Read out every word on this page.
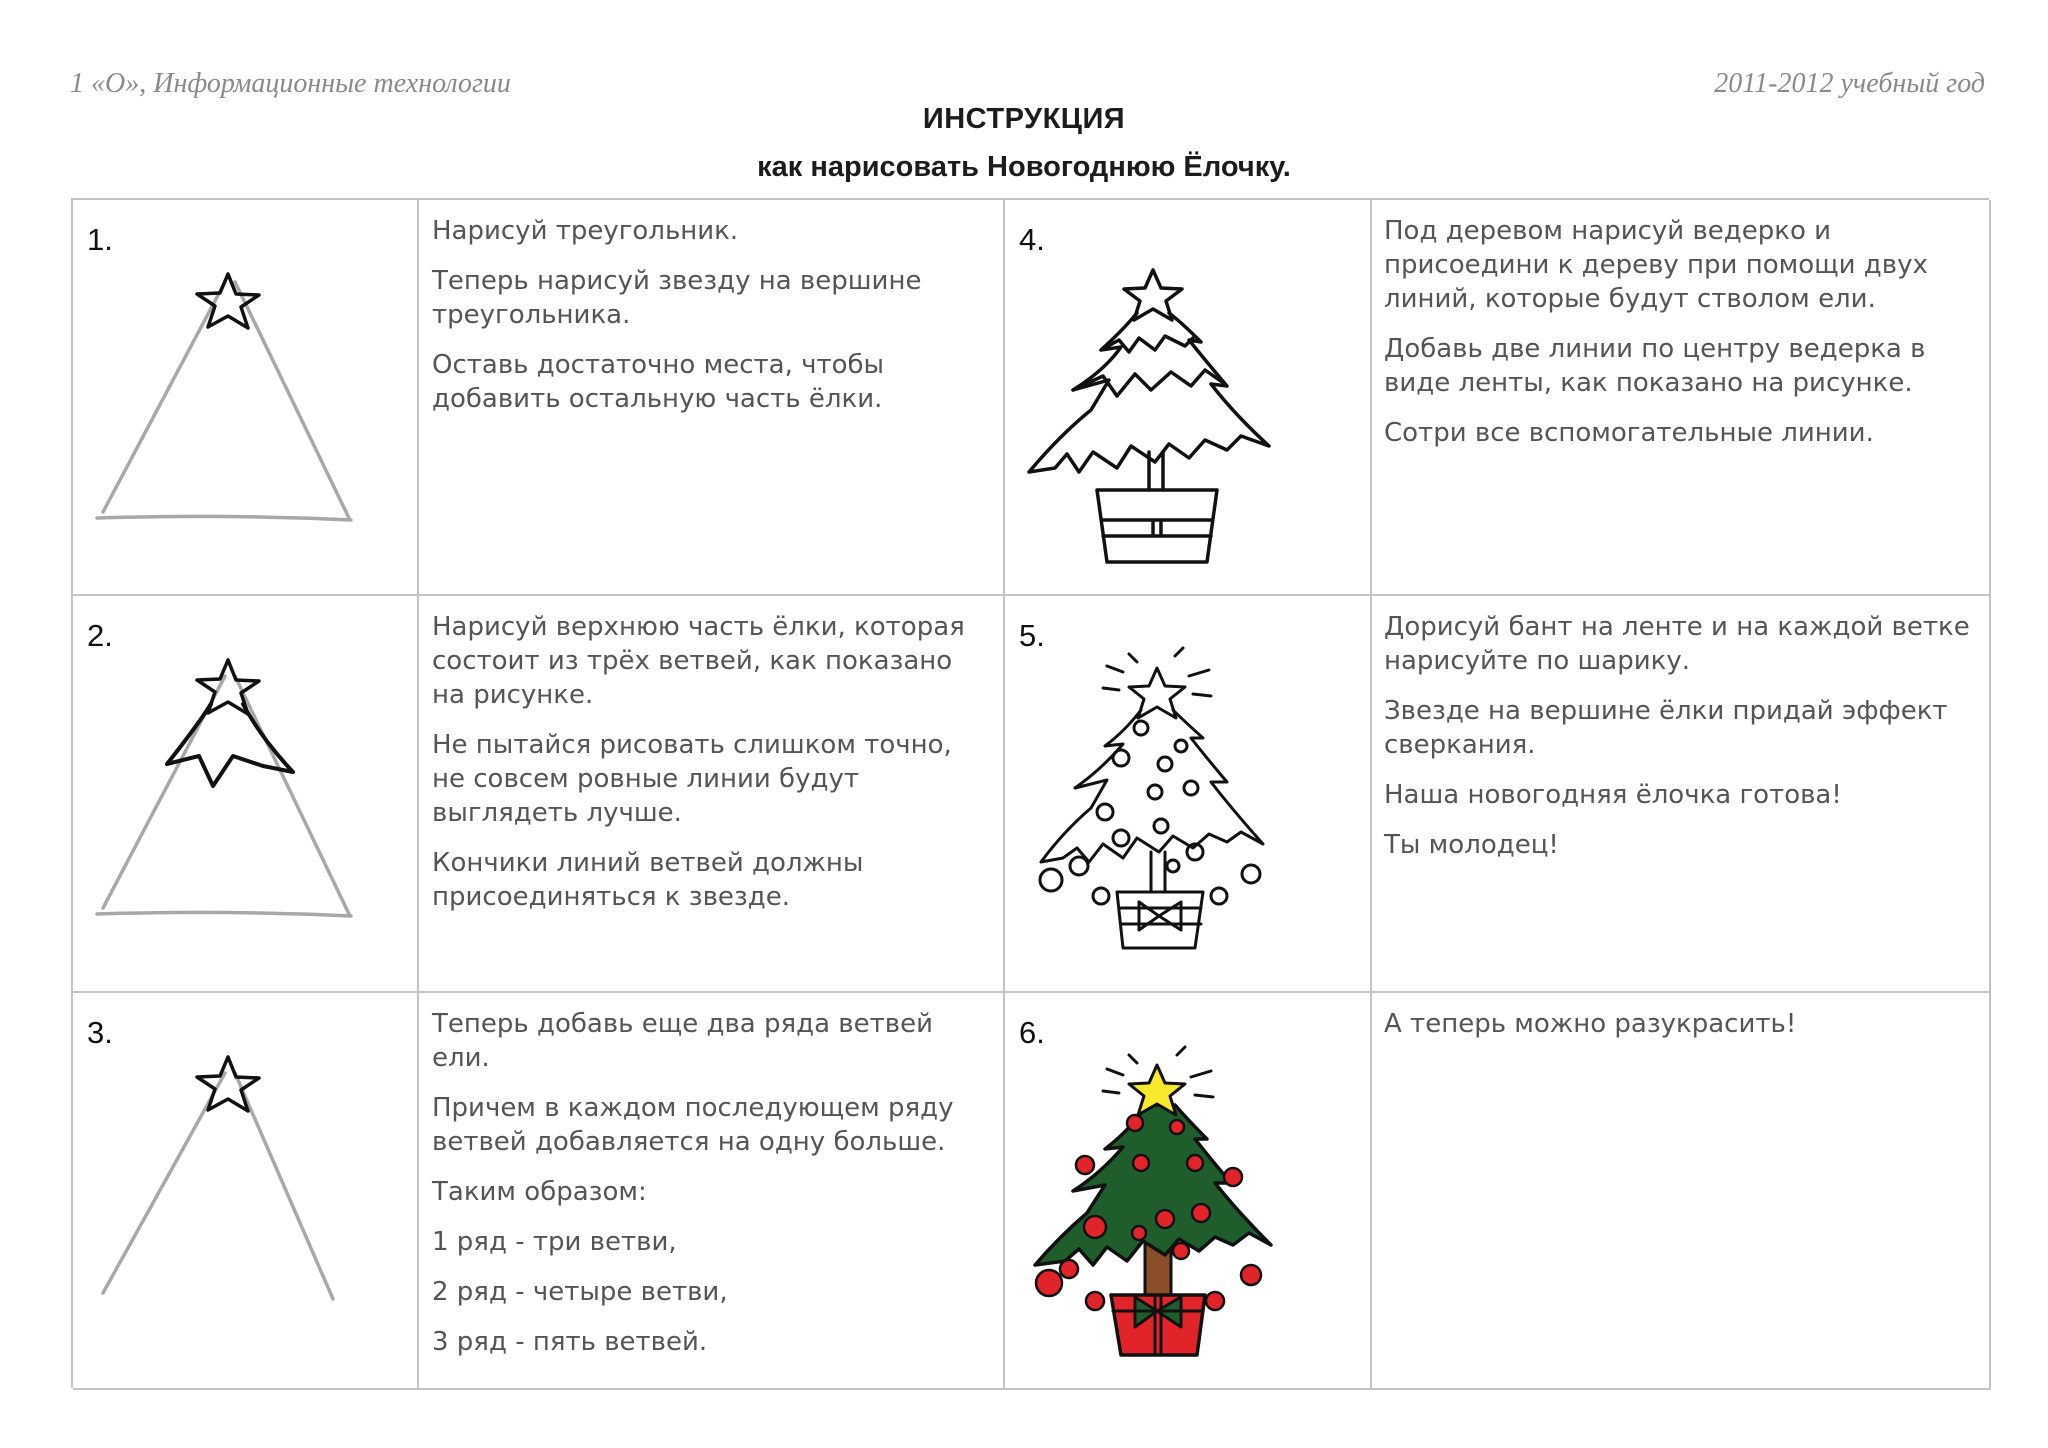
1 «О», Информационные технологии	2011-2012 учебный год
ИНСТРУКЦИЯ
как нарисовать Новогоднюю Ёлочку.
1.	Нарисуй треугольник.

Теперь нарисуй звезду на вершине треугольника.

Оставь достаточно места, чтобы добавить остальную часть ёлки.

4.	Под деревом нарисуй ведерко и присоедини к дереву при помощи двух линий, которые будут стволом ели.

Добавь две линии по центру ведерка в виде ленты, как показано на рисунке.

Сотри все вспомогательные линии.

2.	Нарисуй верхнюю часть ёлки, которая состоит из трёх ветвей, как показано на рисунке.

Не пытайся рисовать слишком точно, не совсем ровные линии будут выглядеть лучше.

Кончики линий ветвей должны присоединяться к звезде.

5.	Дорисуй бант на ленте и на каждой ветке нарисуйте по шарику.

Звезде на вершине ёлки придай эффект сверкания.

Наша новогодняя ёлочка готова!

Ты молодец!

3.	Теперь добавь еще два ряда ветвей ели.

Причем в каждом последующем ряду ветвей добавляется на одну больше.

Таким образом:

1 ряд - три ветви,

2 ряд - четыре ветви,

3 ряд - пять ветвей.

6.	А теперь можно разукрасить!
